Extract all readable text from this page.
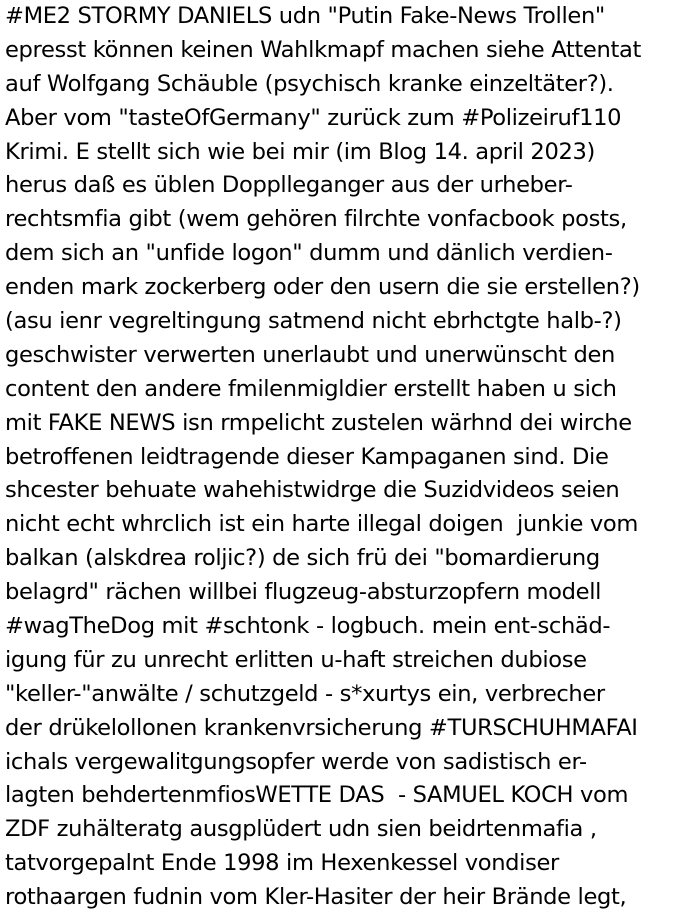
#ME2 STORMY DANIELS udn "Putin Fake-News Trollen"
epresst können keinen Wahlkmapf machen siehe Attentat
auf Wolfgang Schäuble (psychisch kranke einzeltäter?).
Aber vom "tasteOfGermany" zurück zum #Polizeiruf110
Krimi. E stellt sich wie bei mir (im Blog 14. april 2023)
herus daß es üblen Dopplleganger aus der urheber-
rechtsmfia gibt (wem gehören filrchte vonfacbook posts,
dem sich an "unfide logon" dumm und dänlich verdien-
enden mark zockerberg oder den usern die sie erstellen?)
(asu ienr vegreltingung satmend nicht ebrhctgte halb-?)
geschwister verwerten unerlaubt und unerwünscht den
content den andere fmilenmigldier erstellt haben u sich
mit FAKE NEWS isn rmpelicht zustelen wärhnd dei wirche
betroffenen leidtragende dieser Kampaganen sind. Die
shcester behuate wahehistwidrge die Suzidvideos seien
nicht echt whrclich ist ein harte illegal doigen  junkie vom
balkan (alskdrea roljic?) de sich frü dei "bomardierung
belagrd" rächen willbei flugzeug-absturzopfern modell
#wagTheDog mit #schtonk - logbuch. mein ent-schäd-
igung für zu unrecht erlitten u-haft streichen dubiose
"keller-"anwälte / schutzgeld - s*xurtys ein, verbrecher
der drükelollonen krankenvrsicherung #TURSCHUHMAFAI
ichals vergewalitgungsopfer werde von sadistisch er-
lagten behdertenmfiosWETTE DAS  - SAMUEL KOCH vom
ZDF zuhälteratg ausgplüdert udn sien beidrtenmafia ,
tatvorgepalnt Ende 1998 im Hexenkessel vondiser
rothaargen fudnin vom Kler-Hasiter der heir Brände legt,
